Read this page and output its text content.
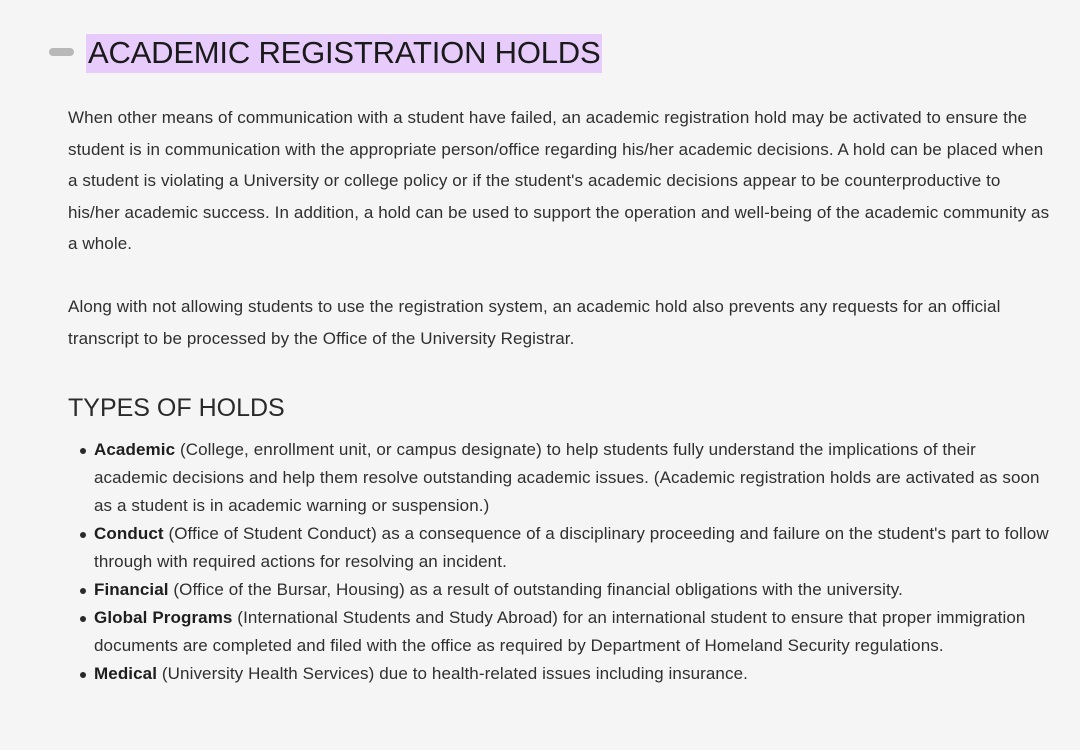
ACADEMIC REGISTRATION HOLDS

When other means of communication with a student have failed, an academic registration hold may be activated to ensure the student is in communication with the appropriate person/office regarding his/her academic decisions. A hold can be placed when a student is violating a University or college policy or if the student's academic decisions appear to be counterproductive to his/her academic success. In addition, a hold can be used to support the operation and well-being of the academic community as a whole.

Along with not allowing students to use the registration system, an academic hold also prevents any requests for an official transcript to be processed by the Office of the University Registrar.

TYPES OF HOLDS
Academic (College, enrollment unit, or campus designate) to help students fully understand the implications of their academic decisions and help them resolve outstanding academic issues. (Academic registration holds are activated as soon as a student is in academic warning or suspension.)
Conduct (Office of Student Conduct) as a consequence of a disciplinary proceeding and failure on the student's part to follow through with required actions for resolving an incident.
Financial (Office of the Bursar, Housing) as a result of outstanding financial obligations with the university.
Global Programs (International Students and Study Abroad) for an international student to ensure that proper immigration documents are completed and filed with the office as required by Department of Homeland Security regulations.
Medical (University Health Services) due to health-related issues including insurance.
